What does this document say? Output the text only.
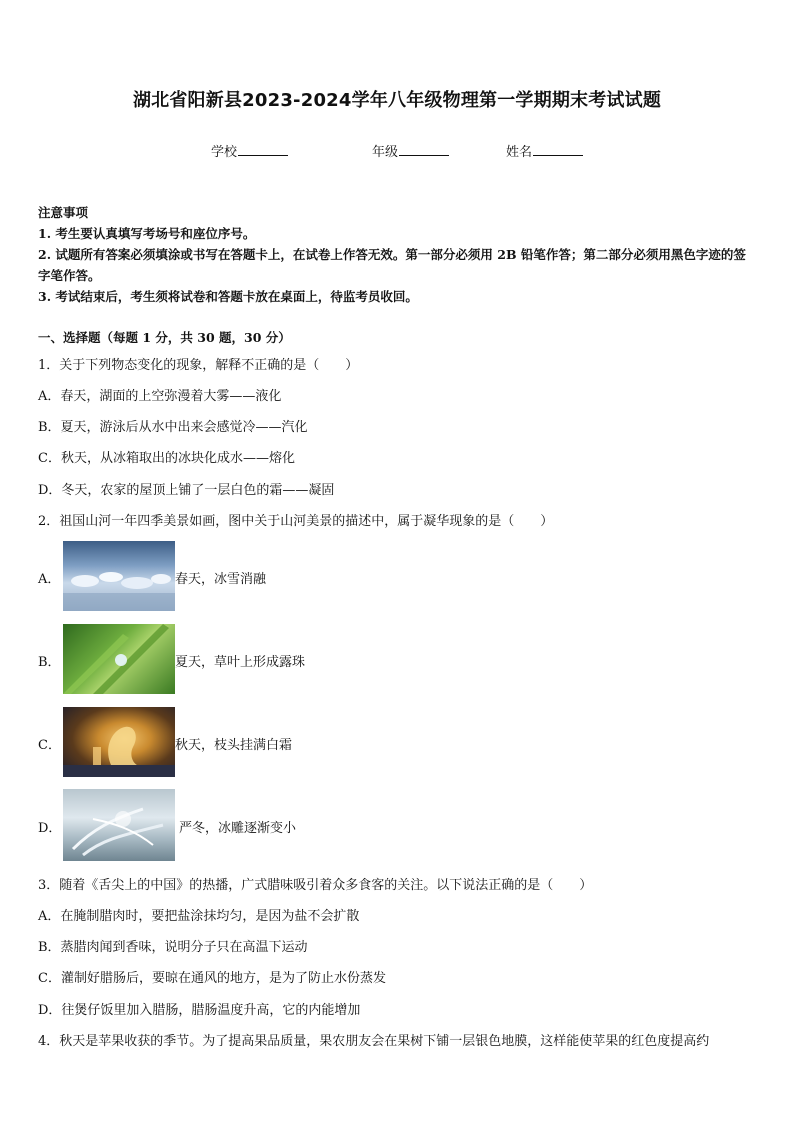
湖北省阳新县2023-2024学年八年级物理第一学期期末考试试题
学校	年级	姓名
注意事项
1. 考生要认真填写考场号和座位序号。
2. 试题所有答案必须填涂或书写在答题卡上，在试卷上作答无效。第一部分必须用 2B 铅笔作答；第二部分必须用黑色字迹的签字笔作答。
3. 考试结束后，考生须将试卷和答题卡放在桌面上，待监考员收回。
一、选择题（每题 1 分，共 30 题，30 分）
1．关于下列物态变化的现象，解释不正确的是（　　）
A．春天，湖面的上空弥漫着大雾——液化
B．夏天，游泳后从水中出来会感觉冷——汽化
C．秋天，从冰箱取出的冰块化成水——熔化
D．冬天，农家的屋顶上铺了一层白色的霜——凝固
2．祖国山河一年四季美景如画，图中关于山河美景的描述中，属于凝华现象的是（　　）
A．	春天，冰雪消融
B．	夏天，草叶上形成露珠
C．	秋天，枝头挂满白霜
D．	严冬，冰雕逐渐变小
3．随着《舌尖上的中国》的热播，广式腊味吸引着众多食客的关注。以下说法正确的是（　　）
A．在腌制腊肉时，要把盐涂抹均匀，是因为盐不会扩散
B．蒸腊肉闻到香味，说明分子只在高温下运动
C．灌制好腊肠后，要晾在通风的地方，是为了防止水份蒸发
D．往煲仔饭里加入腊肠，腊肠温度升高，它的内能增加
4．秋天是苹果收获的季节。为了提高果品质量，果农朋友会在果树下铺一层银色地膜，这样能使苹果的红色度提高约
